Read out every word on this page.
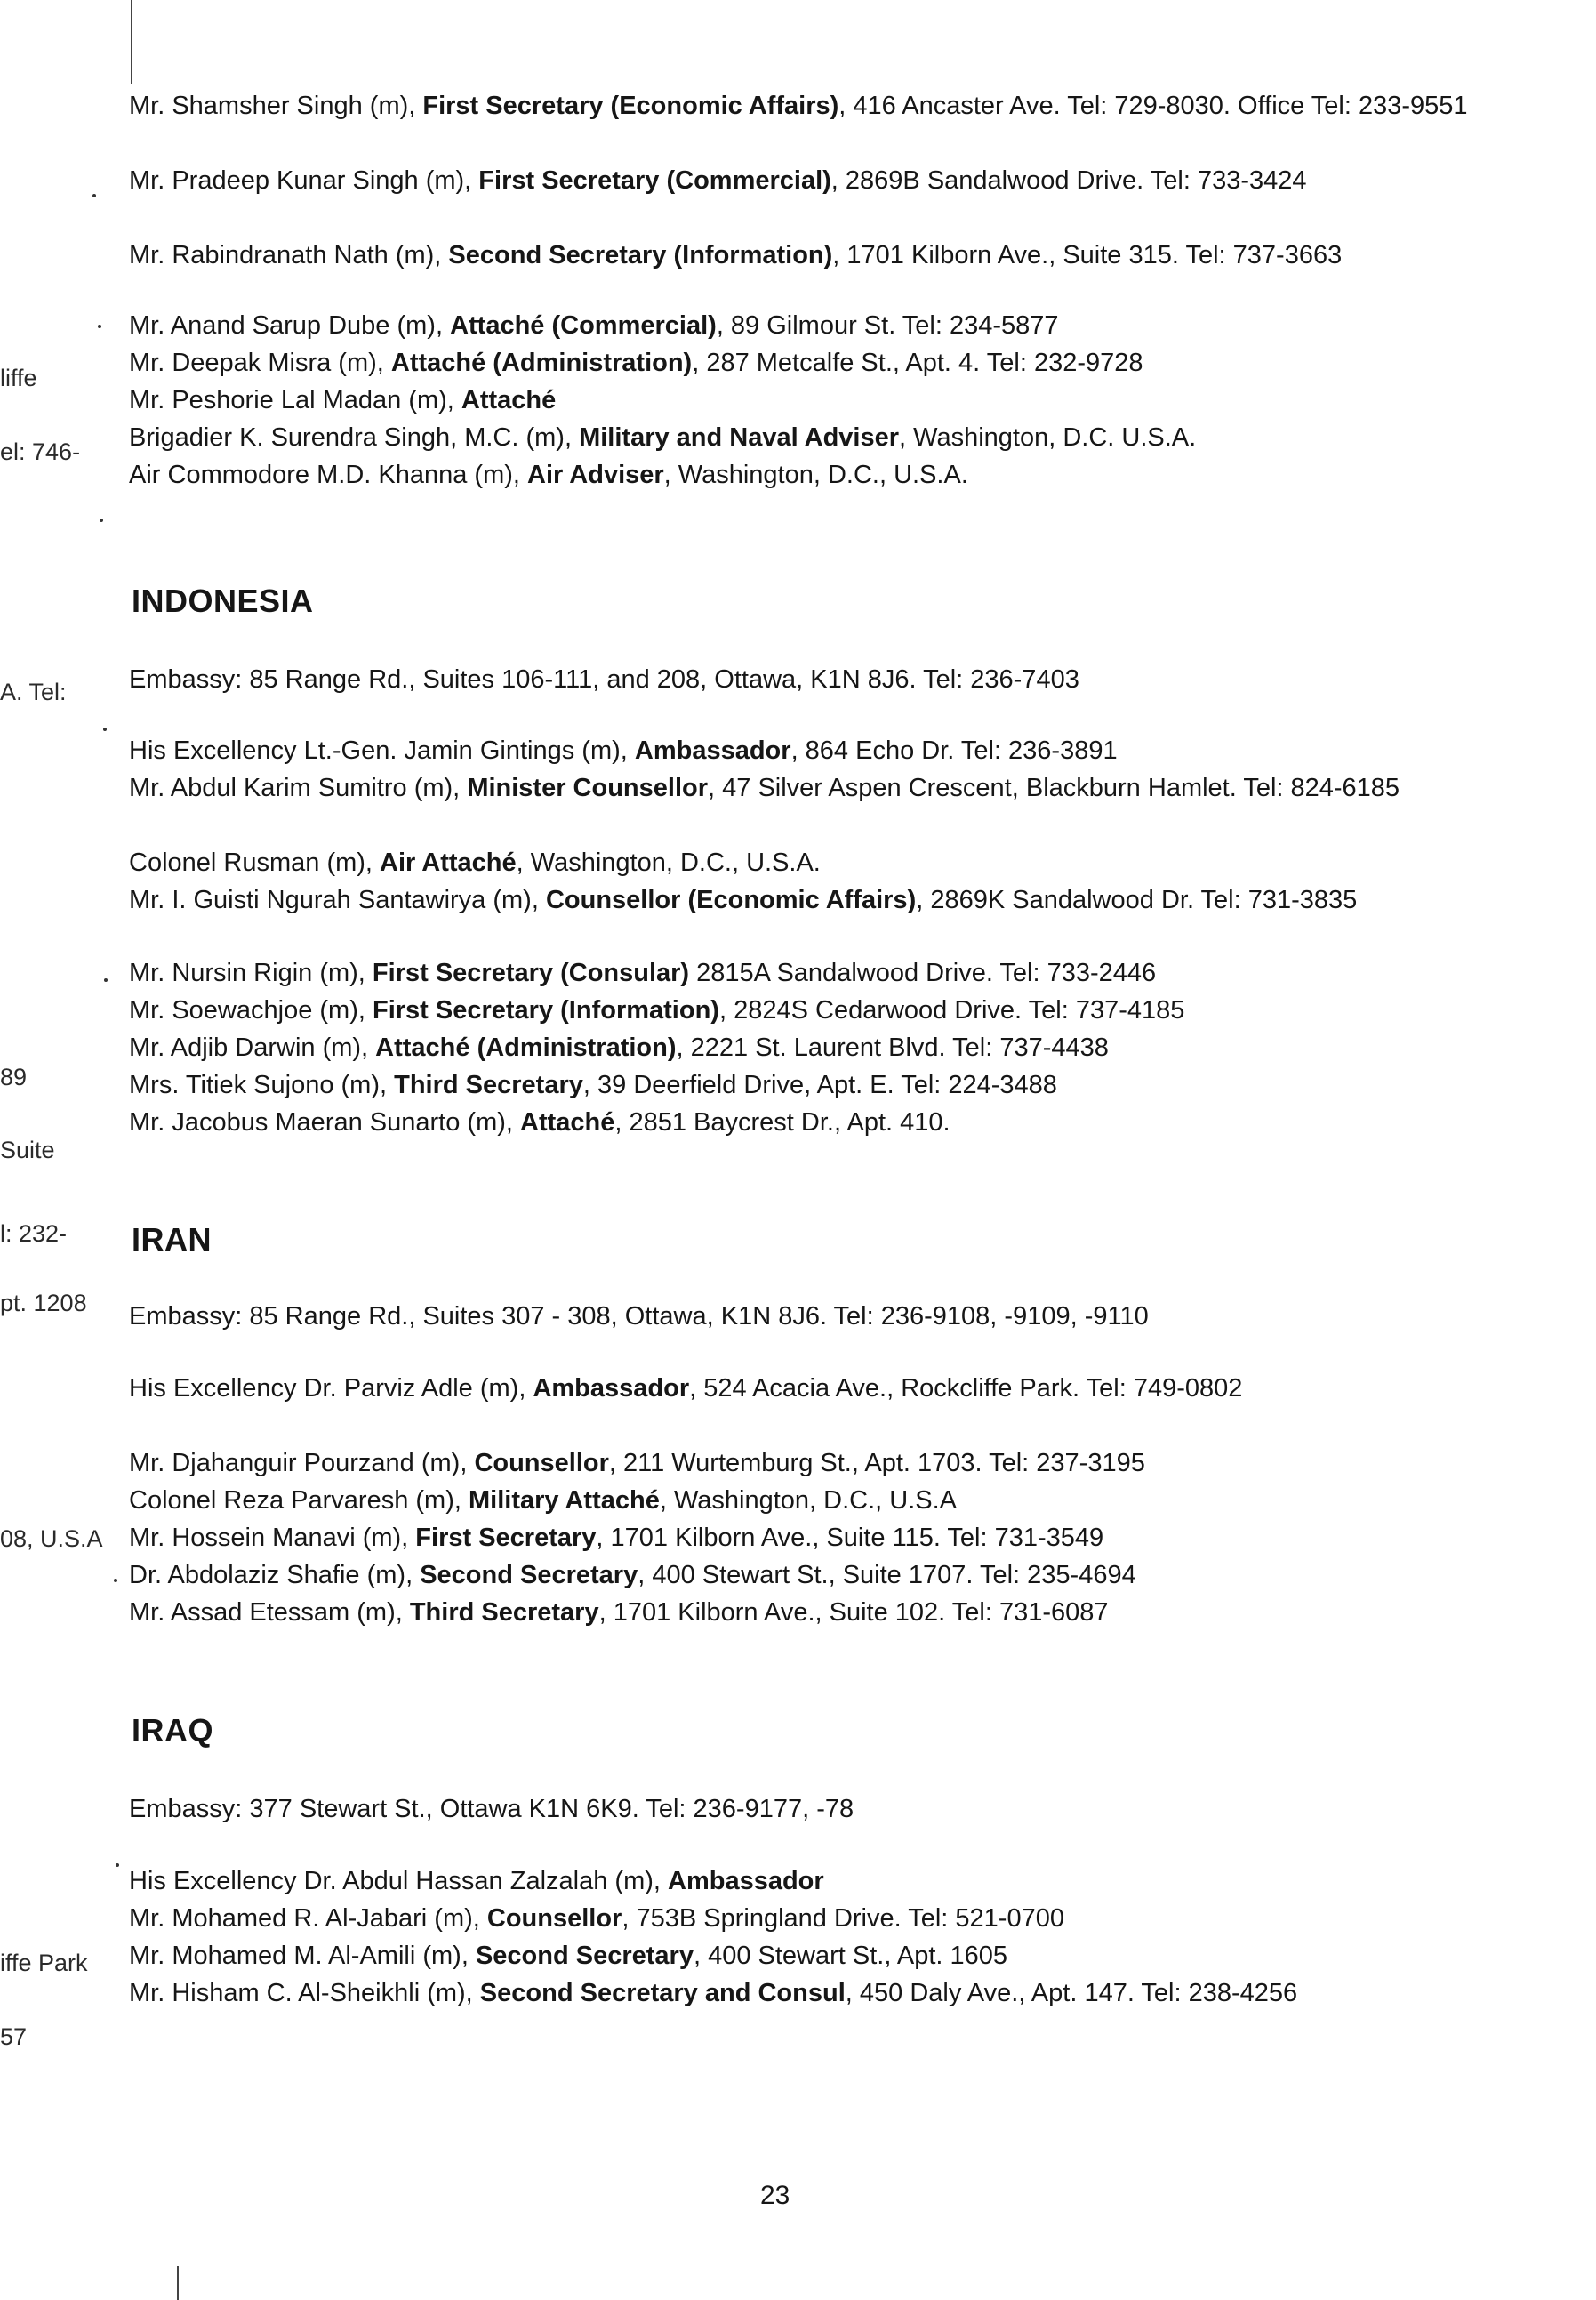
liffe
el: 746-
A. Tel:
89
Suite
l: 232-
pt. 1208
08, U.S.A
iffe Park
57
Mr. Shamsher Singh (m), First Secretary (Economic Affairs), 416 Ancaster Ave. Tel: 729-8030. Office Tel: 233-9551
Mr. Pradeep Kunar Singh (m), First Secretary (Commercial), 2869B Sandalwood Drive. Tel: 733-3424
Mr. Rabindranath Nath (m), Second Secretary (Information), 1701 Kilborn Ave., Suite 315. Tel: 737-3663
Mr. Anand Sarup Dube (m), Attaché (Commercial), 89 Gilmour St. Tel: 234-5877
Mr. Deepak Misra (m), Attaché (Administration), 287 Metcalfe St., Apt. 4. Tel: 232-9728
Mr. Peshorie Lal Madan (m), Attaché
Brigadier K. Surendra Singh, M.C. (m), Military and Naval Adviser, Washington, D.C. U.S.A.
Air Commodore M.D. Khanna (m), Air Adviser, Washington, D.C., U.S.A.
INDONESIA
Embassy: 85 Range Rd., Suites 106-111, and 208, Ottawa, K1N 8J6. Tel: 236-7403
His Excellency Lt.-Gen. Jamin Gintings (m), Ambassador, 864 Echo Dr. Tel: 236-3891
Mr. Abdul Karim Sumitro (m), Minister Counsellor, 47 Silver Aspen Crescent, Blackburn Hamlet. Tel: 824-6185
Colonel Rusman (m), Air Attaché, Washington, D.C., U.S.A.
Mr. I. Guisti Ngurah Santawirya (m), Counsellor (Economic Affairs), 2869K Sandalwood Dr. Tel: 731-3835
Mr. Nursin Rigin (m), First Secretary (Consular) 2815A Sandalwood Drive. Tel: 733-2446
Mr. Soewachjoe (m), First Secretary (Information), 2824S Cedarwood Drive. Tel: 737-4185
Mr. Adjib Darwin (m), Attaché (Administration), 2221 St. Laurent Blvd. Tel: 737-4438
Mrs. Titiek Sujono (m), Third Secretary, 39 Deerfield Drive, Apt. E. Tel: 224-3488
Mr. Jacobus Maeran Sunarto (m), Attaché, 2851 Baycrest Dr., Apt. 410.
IRAN
Embassy: 85 Range Rd., Suites 307 - 308, Ottawa, K1N 8J6. Tel: 236-9108, -9109, -9110
His Excellency Dr. Parviz Adle (m), Ambassador, 524 Acacia Ave., Rockcliffe Park. Tel: 749-0802
Mr. Djahanguir Pourzand (m), Counsellor, 211 Wurtemburg St., Apt. 1703. Tel: 237-3195
Colonel Reza Parvaresh (m), Military Attaché, Washington, D.C., U.S.A
Mr. Hossein Manavi (m), First Secretary, 1701 Kilborn Ave., Suite 115. Tel: 731-3549
Dr. Abdolaziz Shafie (m), Second Secretary, 400 Stewart St., Suite 1707. Tel: 235-4694
Mr. Assad Etessam (m), Third Secretary, 1701 Kilborn Ave., Suite 102. Tel: 731-6087
IRAQ
Embassy: 377 Stewart St., Ottawa K1N 6K9. Tel: 236-9177, -78
His Excellency Dr. Abdul Hassan Zalzalah (m), Ambassador
Mr. Mohamed R. Al-Jabari (m), Counsellor, 753B Springland Drive. Tel: 521-0700
Mr. Mohamed M. Al-Amili (m), Second Secretary, 400 Stewart St., Apt. 1605
Mr. Hisham C. Al-Sheikhli (m), Second Secretary and Consul, 450 Daly Ave., Apt. 147. Tel: 238-4256
23
